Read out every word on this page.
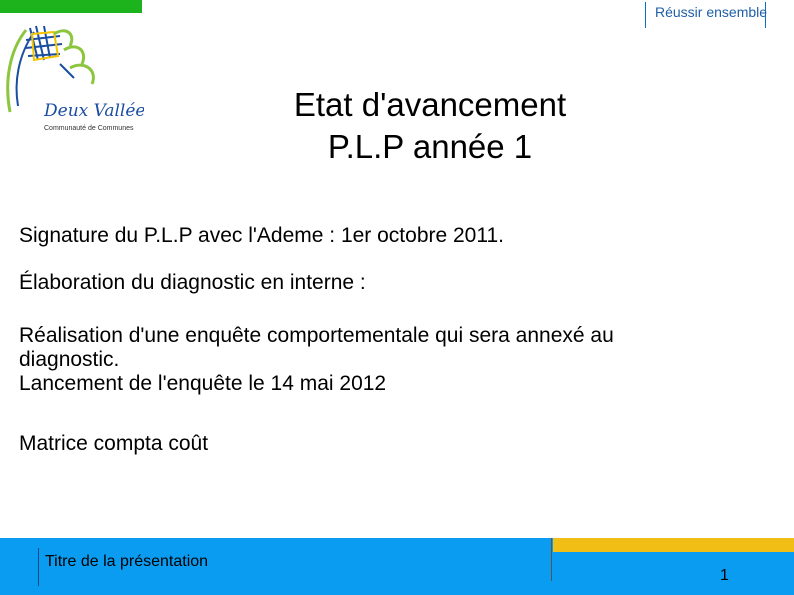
Réussir ensemble
Deux Vallées
Communauté de Communes
Etat d'avancement
P.L.P année 1
Signature du P.L.P avec l'Ademe : 1er octobre 2011.
Élaboration du diagnostic en interne :
Réalisation d'une enquête comportementale qui sera annexé au
diagnostic.
Lancement de l'enquête le 14 mai 2012
Matrice compta coût
Titre de la présentation
1
